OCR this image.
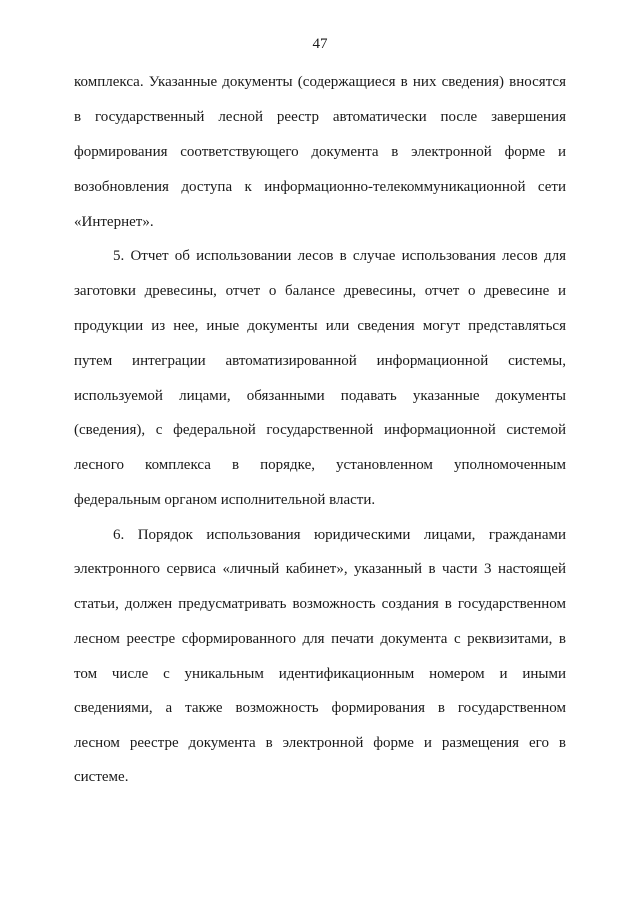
47
комплекса. Указанные документы (содержащиеся в них сведения) вносятся
в государственный лесной реестр автоматически после завершения
формирования соответствующего документа в электронной форме и
возобновления доступа к информационно-телекоммуникационной сети
«Интернет».
5. Отчет об использовании лесов в случае использования лесов для
заготовки древесины, отчет о балансе древесины, отчет о древесине и
продукции из нее, иные документы или сведения могут представляться
путем интеграции автоматизированной информационной системы,
используемой лицами, обязанными подавать указанные документы
(сведения), с федеральной государственной информационной системой
лесного комплекса в порядке, установленном уполномоченным
федеральным органом исполнительной власти.
6. Порядок использования юридическими лицами, гражданами
электронного сервиса «личный кабинет», указанный в части 3 настоящей
статьи, должен предусматривать возможность создания в государственном
лесном реестре сформированного для печати документа с реквизитами, в
том числе с уникальным идентификационным номером и иными
сведениями, а также возможность формирования в государственном
лесном реестре документа в электронной форме и размещения его в
системе.
